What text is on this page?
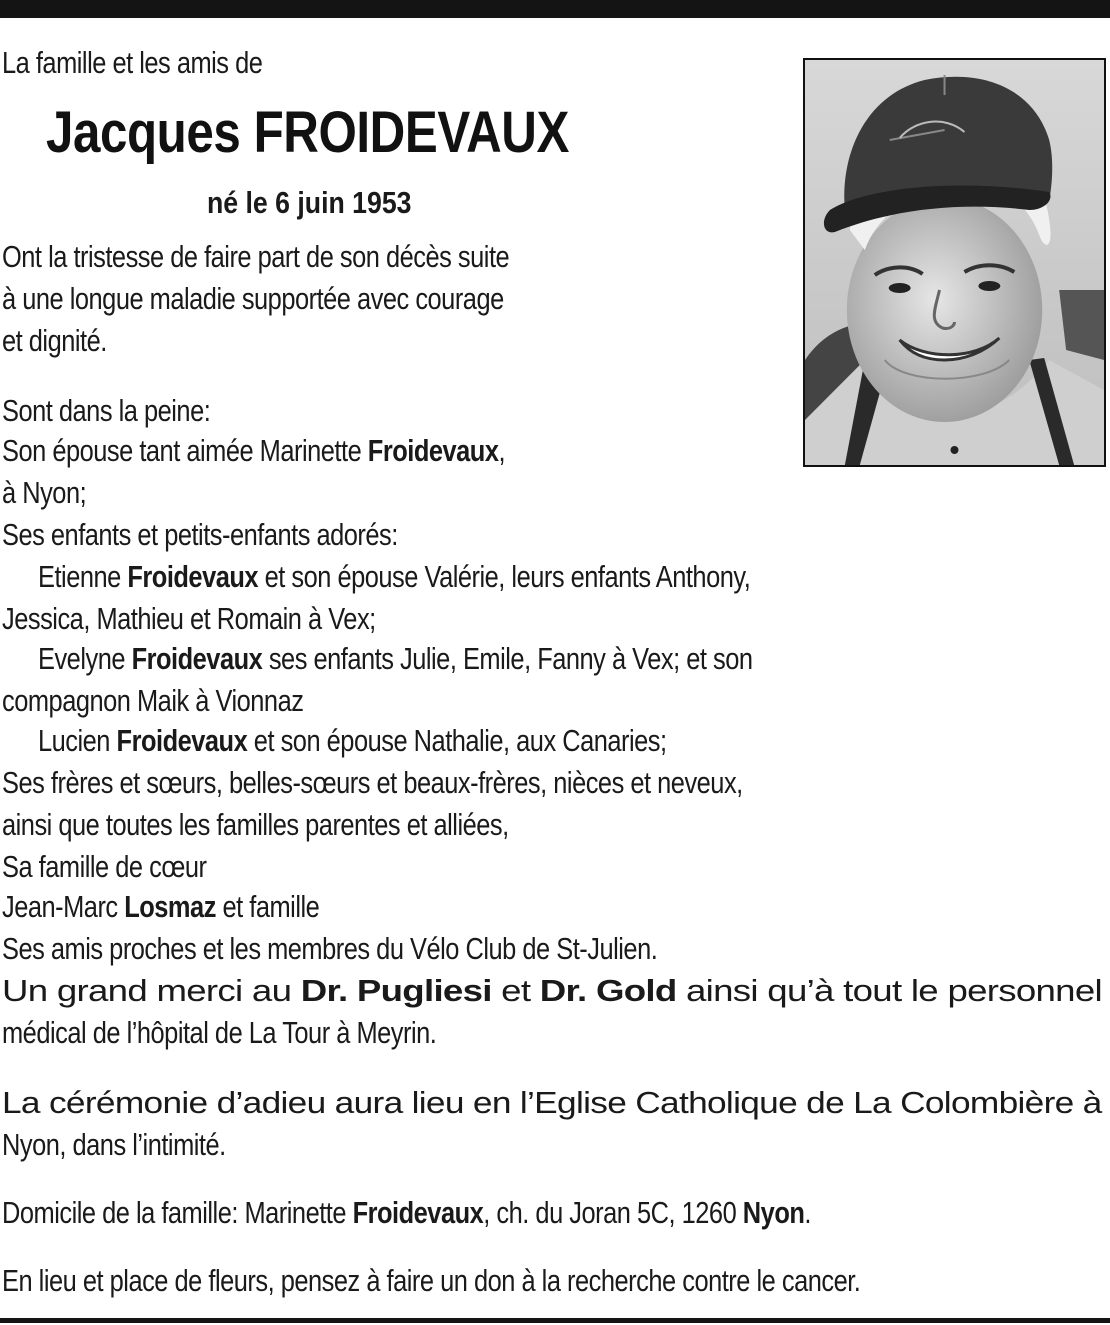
La famille et les amis de
Jacques FROIDEVAUX
né le 6 juin 1953
Ont la tristesse de faire part de son décès suite
à une longue maladie supportée avec courage
et dignité.
Sont dans la peine:
Son épouse tant aimée Marinette Froidevaux,
à Nyon;
Ses enfants et petits-enfants adorés:
Etienne Froidevaux et son épouse Valérie, leurs enfants Anthony,
Jessica, Mathieu et Romain à Vex;
Evelyne Froidevaux ses enfants Julie, Emile, Fanny à Vex; et son
compagnon Maik à Vionnaz
Lucien Froidevaux et son épouse Nathalie, aux Canaries;
Ses frères et sœurs, belles-sœurs et beaux-frères, nièces et neveux,
ainsi que toutes les familles parentes et alliées,
Sa famille de cœur
Jean-Marc Losmaz et famille
Ses amis proches et les membres du Vélo Club de St-Julien.
Un grand merci au Dr. Pugliesi et Dr. Gold ainsi qu’à tout le personnel
médical de l’hôpital de La Tour à Meyrin.
La cérémonie d’adieu aura lieu en l’Eglise Catholique de La Colombière à
Nyon, dans l’intimité.
Domicile de la famille: Marinette Froidevaux, ch. du Joran 5C, 1260 Nyon.
En lieu et place de fleurs, pensez à faire un don à la recherche contre le cancer.
